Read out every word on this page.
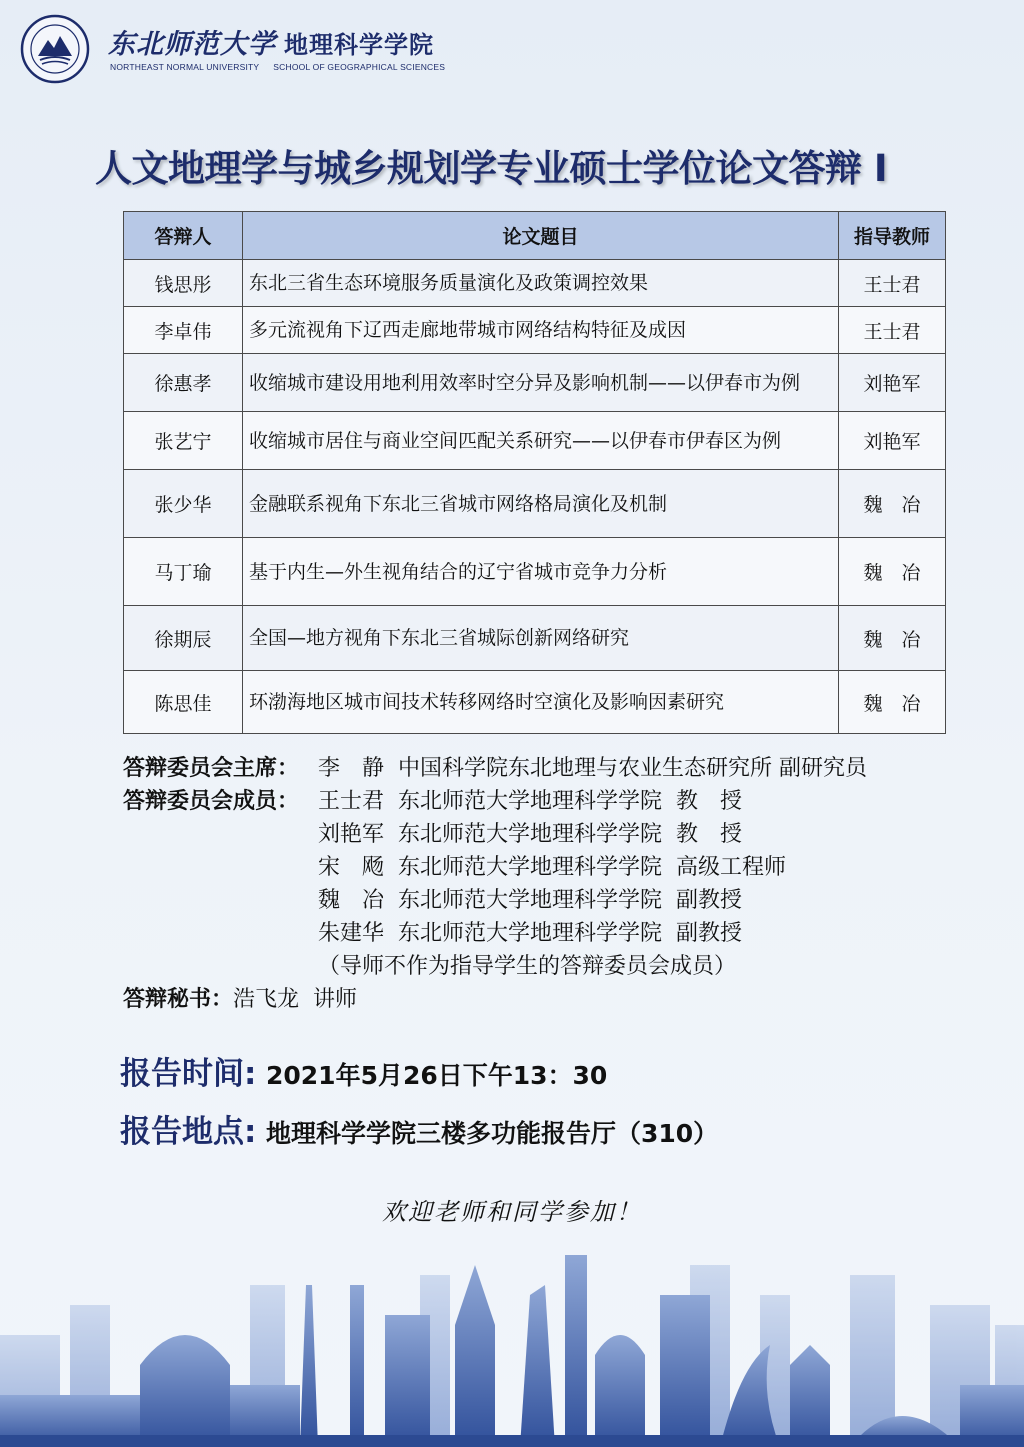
东北师范大学 地理科学学院
NORTHEAST NORMAL UNIVERSITY SCHOOL OF GEOGRAPHICAL SCIENCES
人文地理学与城乡规划学专业硕士学位论文答辩 I
答辩人	论文题目	指导教师
钱思彤	东北三省生态环境服务质量演化及政策调控效果	王士君
李卓伟	多元流视角下辽西走廊地带城市网络结构特征及成因	王士君
徐惠孝	收缩城市建设用地利用效率时空分异及影响机制——以伊春市为例	刘艳军
张艺宁	收缩城市居住与商业空间匹配关系研究——以伊春市伊春区为例	刘艳军
张少华	金融联系视角下东北三省城市网络格局演化及机制	魏　冶
马丁瑜	基于内生—外生视角结合的辽宁省城市竞争力分析	魏　冶
徐期辰	全国—地方视角下东北三省城际创新网络研究	魏　冶
陈思佳	环渤海地区城市间技术转移网络时空演化及影响因素研究	魏　冶
答辩委员会主席： 李　静  中国科学院东北地理与农业生态研究所 副研究员
答辩委员会成员： 王士君  东北师范大学地理科学学院  教　授
刘艳军  东北师范大学地理科学学院  教　授
宋　飏  东北师范大学地理科学学院  高级工程师
魏　冶  东北师范大学地理科学学院  副教授
朱建华  东北师范大学地理科学学院  副教授
（导师不作为指导学生的答辩委员会成员）
答辩秘书： 浩飞龙  讲师
报告时间: 2021年5月26日下午13：30
报告地点: 地理科学学院三楼多功能报告厅（310）
欢迎老师和同学参加！
